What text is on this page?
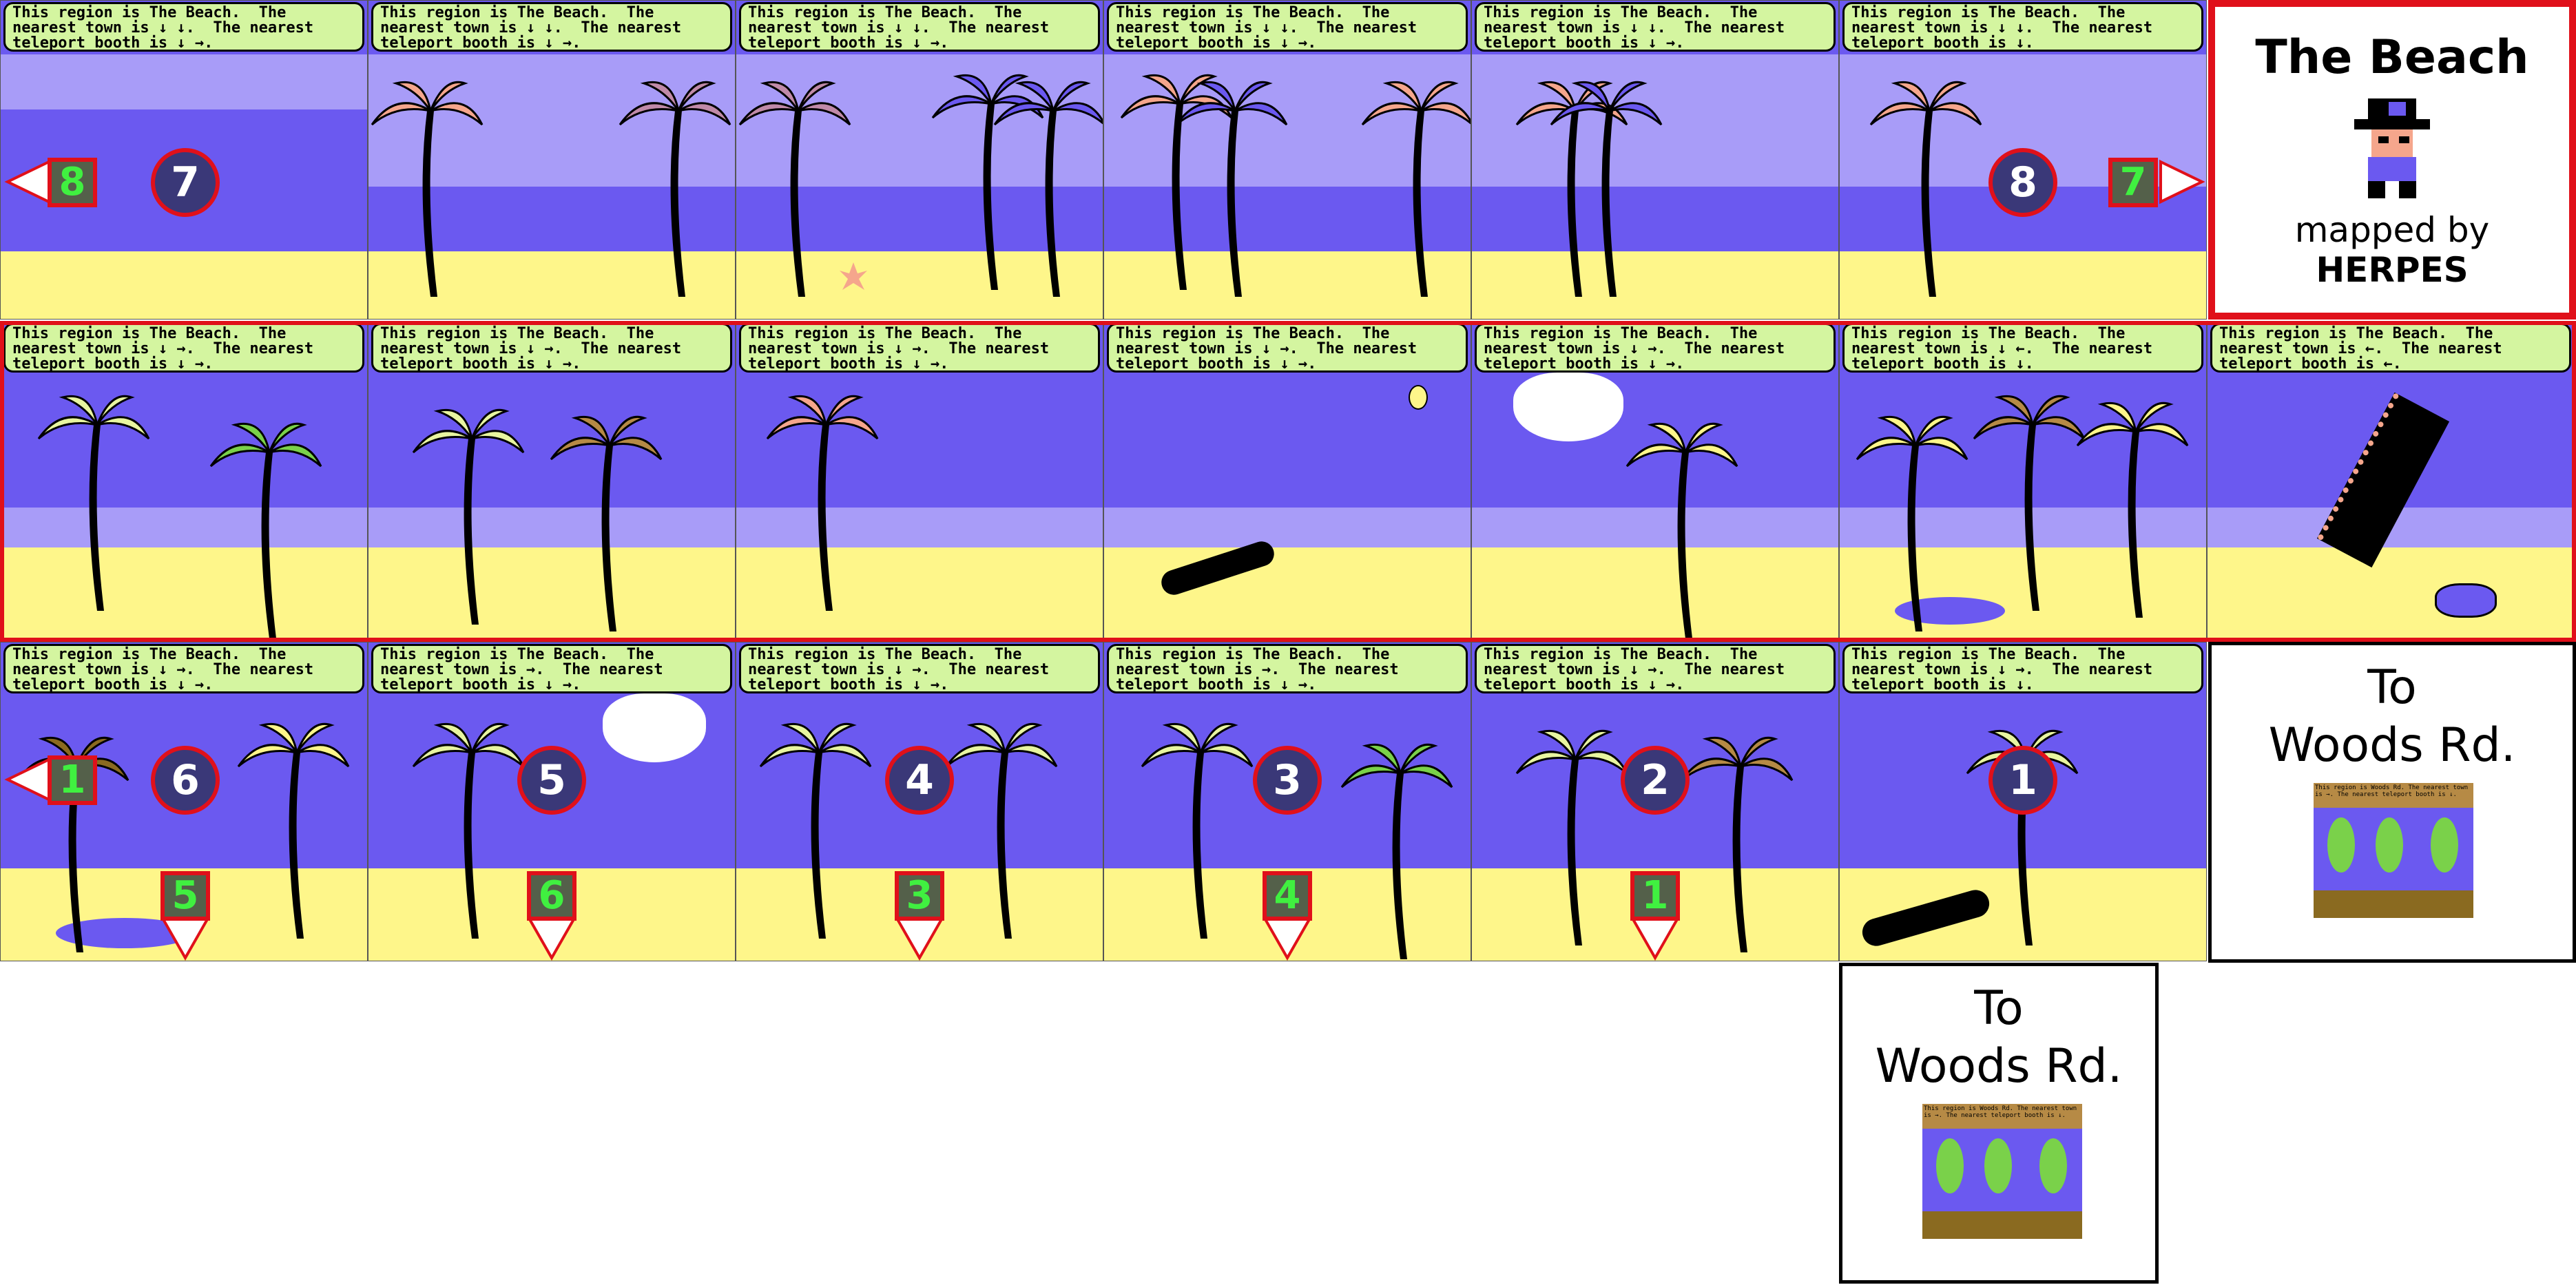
This region is The Beach.  The
nearest town is ↓ ↓.  The nearest
teleport booth is ↓ →.
8	7
This region is The Beach.  The
nearest town is ↓ ↓.  The nearest
teleport booth is ↓ →.
This region is The Beach.  The
nearest town is ↓ ↓.  The nearest
teleport booth is ↓ →.
This region is The Beach.  The
nearest town is ↓ ↓.  The nearest
teleport booth is ↓ →.
This region is The Beach.  The
nearest town is ↓ ↓.  The nearest
teleport booth is ↓ →.
This region is The Beach.  The
nearest town is ↓ ↓.  The nearest
teleport booth is ↓.
8	7
The Beach
mapped by
HERPES
This region is The Beach.  The
nearest town is ↓ →.  The nearest
teleport booth is ↓ →.
This region is The Beach.  The
nearest town is ↓ →.  The nearest
teleport booth is ↓ →.
This region is The Beach.  The
nearest town is ↓ →.  The nearest
teleport booth is ↓ →.
This region is The Beach.  The
nearest town is ↓ →.  The nearest
teleport booth is ↓ →.
This region is The Beach.  The
nearest town is ↓ →.  The nearest
teleport booth is ↓ →.
This region is The Beach.  The
nearest town is ↓ ←.  The nearest
teleport booth is ↓.
This region is The Beach.  The
nearest town is ←.  The nearest
teleport booth is ←.
This region is The Beach.  The
nearest town is ↓ →.  The nearest
teleport booth is ↓ →.
1	6
5
This region is The Beach.  The
nearest town is →.  The nearest
teleport booth is ↓ →.
5
6
This region is The Beach.  The
nearest town is ↓ →.  The nearest
teleport booth is ↓ →.
4
3
This region is The Beach.  The
nearest town is →.  The nearest
teleport booth is ↓ →.
3
4
This region is The Beach.  The
nearest town is ↓ →.  The nearest
teleport booth is ↓ →.
2
1
This region is The Beach.  The
nearest town is ↓ →.  The nearest
teleport booth is ↓.
1
To
Woods Rd.
This region is Woods Rd. The nearest town is →. The nearest teleport booth is ↓.
To
Woods Rd.
This region is Woods Rd. The nearest town is →. The nearest teleport booth is ↓.
